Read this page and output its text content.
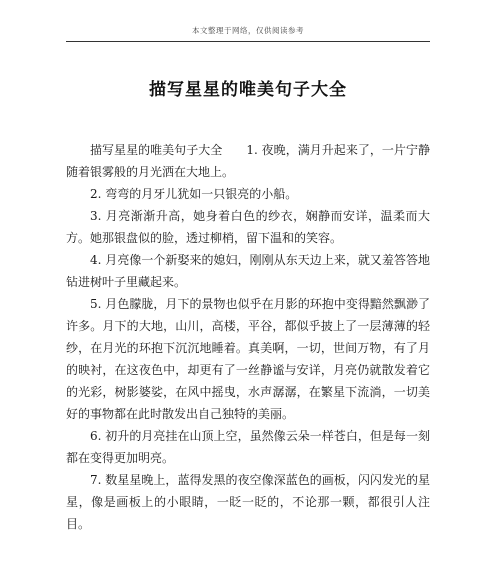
本文整理于网络，仅供阅读参考
描写星星的唯美句子大全

描写星星的唯美句子大全　　1. 夜晚，满月升起来了，一片宁静随着银雾般的月光洒在大地上。

2. 弯弯的月牙儿犹如一只银亮的小船。

3. 月亮渐渐升高，她身着白色的纱衣，娴静而安详，温柔而大方。她那银盘似的脸，透过柳梢，留下温和的笑容。

4. 月亮像一个新娶来的媳妇，刚刚从东天边上来，就又羞答答地钻进树叶子里藏起来。

5. 月色朦胧，月下的景物也似乎在月影的环抱中变得黯然飘渺了许多。月下的大地，山川，高楼，平谷，都似乎披上了一层薄薄的轻纱，在月光的环抱下沉沉地睡着。真美啊，一切，世间万物，有了月的映衬，在这夜色中，却更有了一丝静谧与安详，月亮仍就散发着它的光彩，树影婆娑，在风中摇曳，水声潺潺，在繁星下流淌，一切美好的事物都在此时散发出自己独特的美丽。

6. 初升的月亮挂在山顶上空，虽然像云朵一样苍白，但是每一刻都在变得更加明亮。

7. 数星星晚上，蓝得发黑的夜空像深蓝色的画板，闪闪发光的星星，像是画板上的小眼睛，一眨一眨的，不论那一颗，都很引人注目。
